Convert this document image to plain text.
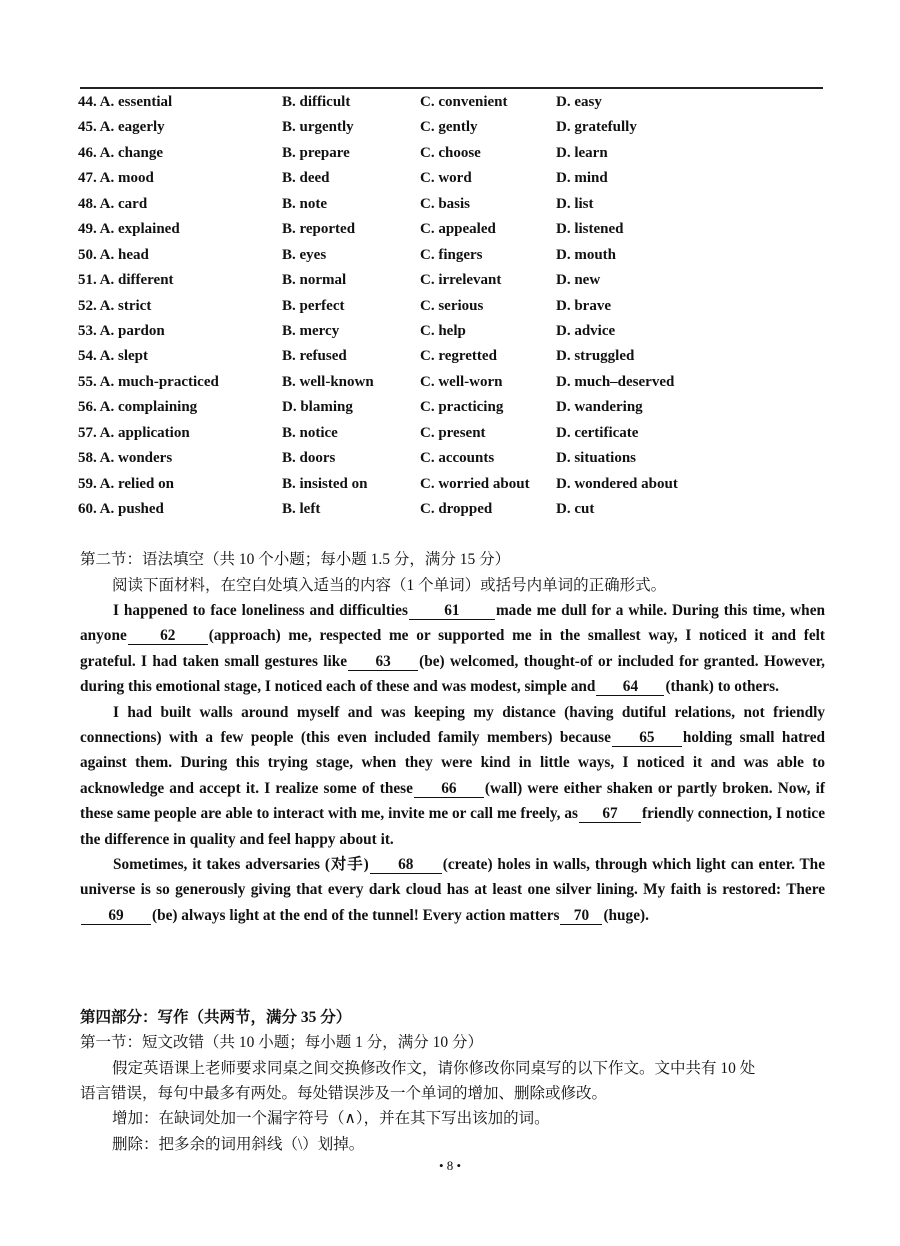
44. A. essential	B. difficult	C. convenient	D. easy
45. A. eagerly	B. urgently	C. gently	D. gratefully
46. A. change	B. prepare	C. choose	D. learn
47. A. mood	B. deed	C. word	D. mind
48. A. card	B. note	C. basis	D. list
49. A. explained	B. reported	C. appealed	D. listened
50. A. head	B. eyes	C. fingers	D. mouth
51. A. different	B. normal	C. irrelevant	D. new
52. A. strict	B. perfect	C. serious	D. brave
53. A. pardon	B. mercy	C. help	D. advice
54. A. slept	B. refused	C. regretted	D. struggled
55. A. much-practiced	B. well-known	C. well-worn	D. much–deserved
56. A. complaining	D. blaming	C. practicing	D. wandering
57. A. application	B. notice	C. present	D. certificate
58. A. wonders	B. doors	C. accounts	D. situations
59. A. relied on	B. insisted on	C. worried about D. wondered about
60. A. pushed	B. left	C. dropped	D. cut
第二节：语法填空（共 10 个小题；每小题 1.5 分，满分 15 分）
阅读下面材料，在空白处填入适当的内容（1 个单词）或括号内单词的正确形式。

I happened to face loneliness and difficulties 61 made me dull for a while. During this time, when anyone 62 (approach) me, respected me or supported me in the smallest way, I noticed it and felt grateful. I had taken small gestures like 63 (be) welcomed, thought-of or included for granted. However, during this emotional stage, I noticed each of these and was modest, simple and 64 (thank) to others.

I had built walls around myself and was keeping my distance (having dutiful relations, not friendly connections) with a few people (this even included family members) because 65 holding small hatred against them. During this trying stage, when they were kind in little ways, I noticed it and was able to acknowledge and accept it. I realize some of these 66 (wall) were either shaken or partly broken. Now, if these same people are able to interact with me, invite me or call me freely, as 67 friendly connection, I notice the difference in quality and feel happy about it.

Sometimes, it takes adversaries (对手) 68 (create) holes in walls, through which light can enter. The universe is so generously giving that every dark cloud has at least one silver lining. My faith is restored: There69 (be) always light at the end of the tunnel! Every action matters 70 (huge).

第四部分：写作（共两节，满分 35 分）
第一节：短文改错（共 10 小题；每小题 1 分，满分 10 分）
假定英语课上老师要求同桌之间交换修改作文，请你修改你同桌写的以下作文。文中共有 10 处
语言错误，每句中最多有两处。每处错误涉及一个单词的增加、删除或修改。
增加：在缺词处加一个漏字符号（∧），并在其下写出该加的词。
删除：把多余的词用斜线（\）划掉。
• 8 •
